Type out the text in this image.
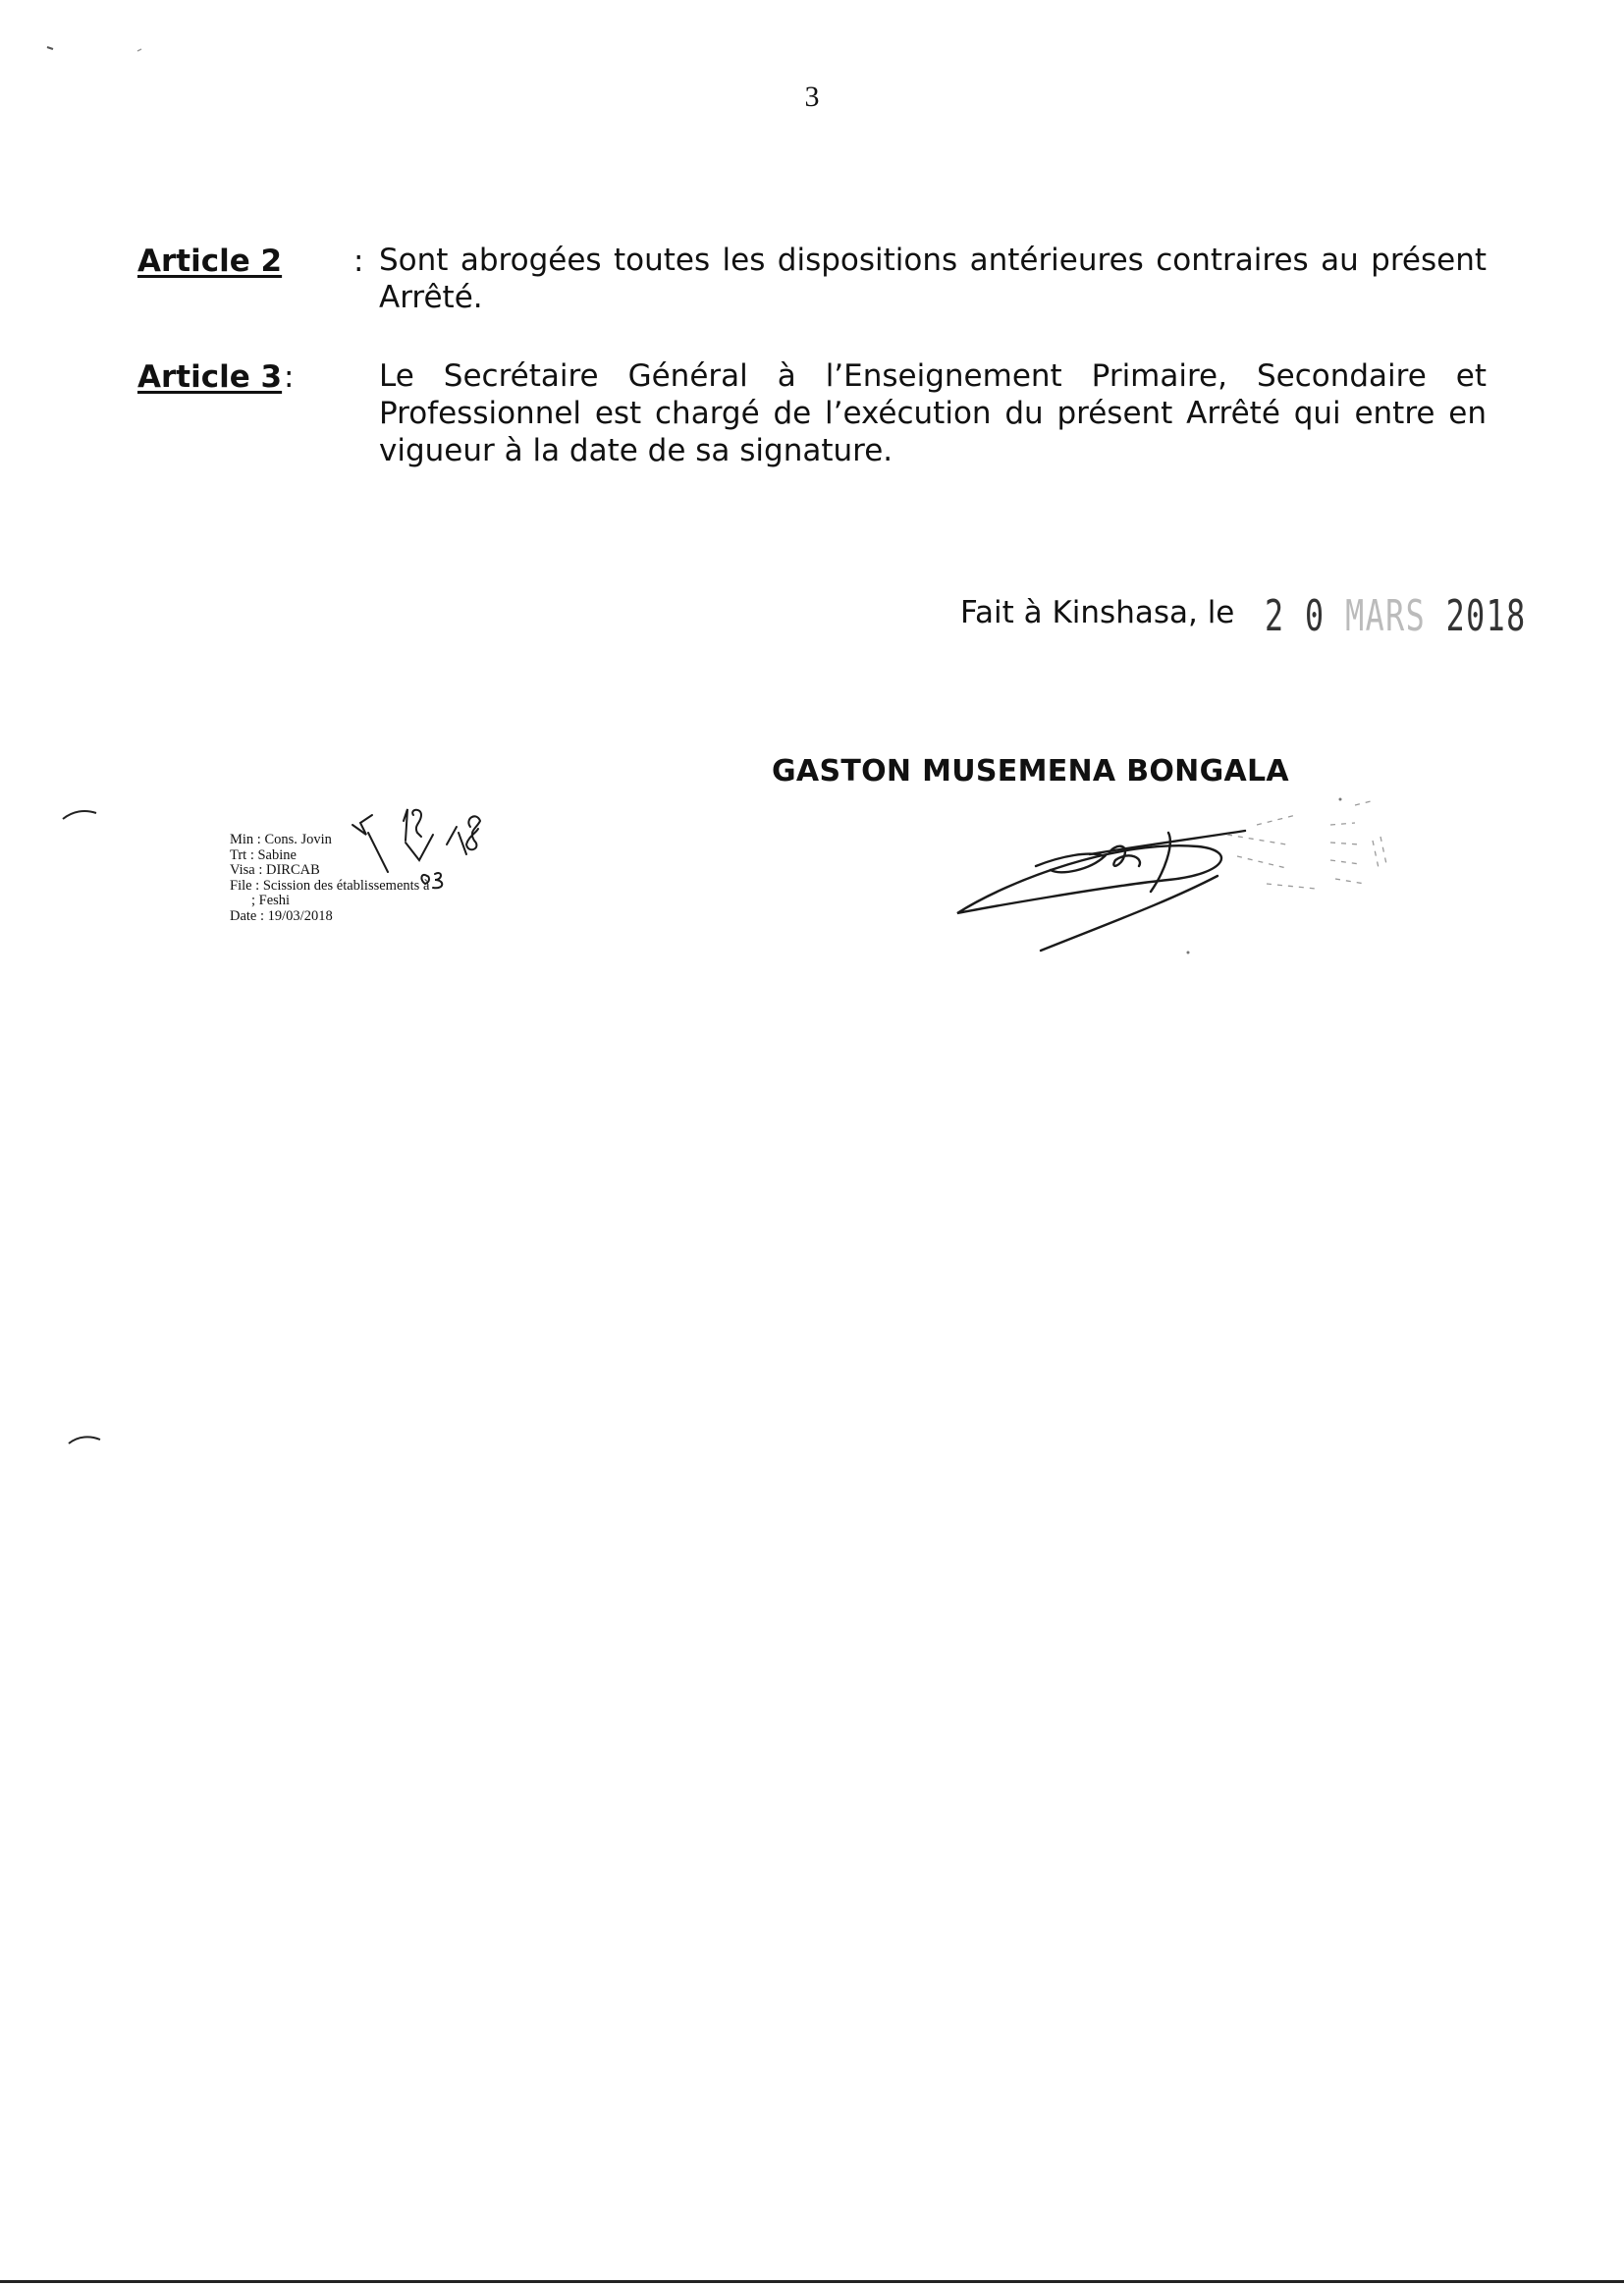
3
Article 2 : Sont abrogées toutes les dispositions antérieures contraires au présent Arrêté.
Article 3 :	Le Secrétaire Général à l’Enseignement Primaire, Secondaire et Professionnel est chargé de l’exécution du présent Arrêté qui entre en vigueur à la date de sa signature.
Fait à Kinshasa, le 2 0 MARS 2018
GASTON MUSEMENA BONGALA
Min : Cons. Jovin
Trt : Sabine
Visa : DIRCAB
File : Scission des établissements à
; Feshi
Date : 19/03/2018
